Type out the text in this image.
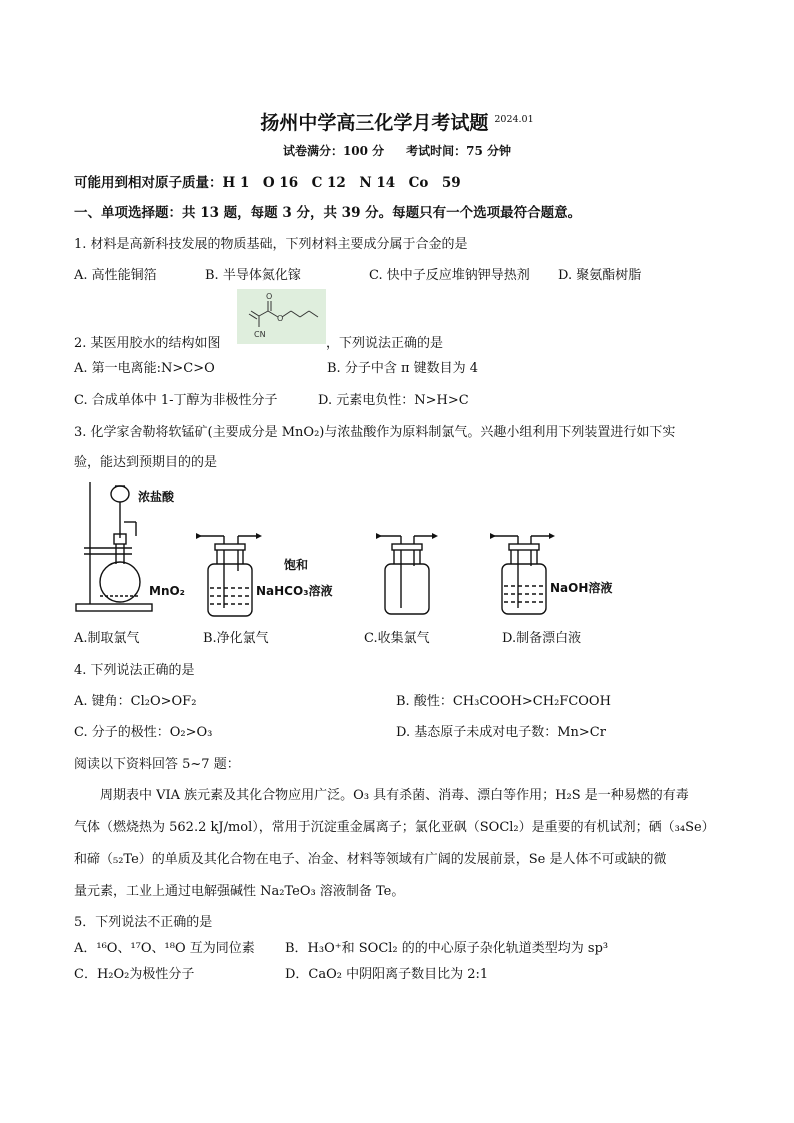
扬州中学高三化学月考试题 $^{2024.01}$
试卷满分：100 分 考试时间：75 分钟
可能用到相对原子质量：H 1　O 16　C 12　N 14　Co　59
一、单项选择题：共 13 题，每题 3 分，共 39 分。每题只有一个选项最符合题意。
1. 材料是高新科技发展的物质基础，下列材料主要成分属于合金的是
A. 高性能铜箔	B. 半导体氮化镓	C. 快中子反应堆钠钾导热剂 D. 聚氨酯树脂
2. 某医用胶水的结构如图
O
O
CN
，下列说法正确的是
A. 第一电离能:N>C>O	B. 分子中含 π 键数目为 4
C. 合成单体中 1-丁醇为非极性分子	D. 元素电负性：N>H>C
3. 化学家舍勒将软锰矿(主要成分是 MnO₂)与浓盐酸作为原料制氯气。兴趣小组利用下列装置进行如下实
验，能达到预期目的的是
浓盐酸
MnO₂
饱和
NaHCO₃溶液	NaOH溶液
A.制取氯气	B.净化氯气	C.收集氯气	D.制备漂白液
4. 下列说法正确的是
A. 键角：Cl₂O>OF₂	B. 酸性：CH₃COOH>CH₂FCOOH
C. 分子的极性：O₂>O₃	D. 基态原子未成对电子数：Mn>Cr
阅读以下资料回答 5~7 题：
周期表中 VIA 族元素及其化合物应用广泛。O₃ 具有杀菌、消毒、漂白等作用；H₂S 是一种易燃的有毒
气体（燃烧热为 562.2 kJ/mol），常用于沉淀重金属离子；氯化亚砜（SOCl₂）是重要的有机试剂；硒（₃₄Se）
和碲（₅₂Te）的单质及其化合物在电子、冶金、材料等领域有广阔的发展前景，Se 是人体不可或缺的微
量元素，工业上通过电解强碱性 Na₂TeO₃ 溶液制备 Te。
5．下列说法不正确的是
A．¹⁶O、¹⁷O、¹⁸O 互为同位素 B．H₃O⁺和 SOCl₂ 的的中心原子杂化轨道类型均为 sp³
C．H₂O₂为极性分子	D．CaO₂ 中阴阳离子数目比为 2:1
